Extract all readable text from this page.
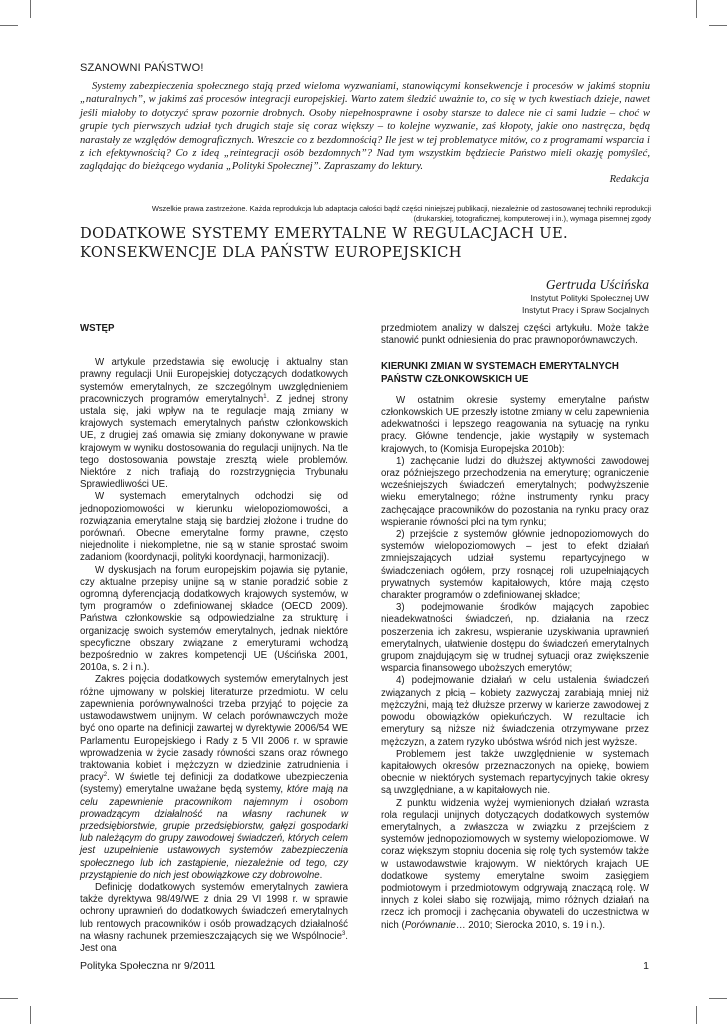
SZANOWNI PAŃSTWO!

Systemy zabezpieczenia społecznego stają przed wieloma wyzwaniami, stanowiącymi konsekwencje i procesów w jakimś stopniu „naturalnych”, w jakimś zaś procesów integracji europejskiej. Warto zatem śledzić uważnie to, co się w tych kwestiach dzieje, nawet jeśli miałoby to dotyczyć spraw pozornie drobnych. Osoby niepełnosprawne i osoby starsze to dalece nie ci sami ludzie – choć w grupie tych pierwszych udział tych drugich staje się coraz większy – to kolejne wyzwanie, zaś kłopoty, jakie ono nastręcza, będą narastały ze względów demograficznych. Wreszcie co z bezdomnością? Ile jest w tej problematyce mitów, co z programami wsparcia i z ich efektywnością? Co z ideą „reintegracji osób bezdomnych”? Nad tym wszystkim będziecie Państwo mieli okazję pomyśleć, zaglądając do bieżącego wydania „Polityki Społecznej”. Zapraszamy do lektury.

Redakcja
Wszelkie prawa zastrzeżone. Każda reprodukcja lub adaptacja całości bądź części niniejszej publikacji, niezależnie od zastosowanej techniki reprodukcji (drukarskiej, totograficznej, komputerowej i in.), wymaga pisemnej zgody
DODATKOWE SYSTEMY EMERYTALNE W REGULACJACH UE.
KONSEKWENCJE DLA PAŃSTW EUROPEJSKICH
Gertruda Uścińska
Instytut Polityki Społecznej UW
Instytut Pracy i Spraw Socjalnych
WSTĘP

W artykule przedstawia się ewolucję i aktualny stan prawny regulacji Unii Europejskiej dotyczących dodatkowych systemów emerytalnych, ze szczególnym uwzględnieniem pracowniczych programów emerytalnych$^1$. Z jednej strony ustala się, jaki wpływ na te regulacje mają zmiany w krajowych systemach emerytalnych państw członkowskich UE, z drugiej zaś omawia się zmiany dokonywane w prawie krajowym w wyniku dostosowania do regulacji unijnych. Na tle tego dostosowania powstaje zresztą wiele problemów. Niektóre z nich trafiają do rozstrzygnięcia Trybunału Sprawiedliwości UE.

W systemach emerytalnych odchodzi się od jednopoziomowości w kierunku wielopoziomowości, a rozwiązania emerytalne stają się bardziej złożone i trudne do porównań. Obecne emerytalne formy prawne, często niejednolite i niekompletne, nie są w stanie sprostać swoim zadaniom (koordynacji, polityki koordynacji, harmonizacji).

W dyskusjach na forum europejskim pojawia się pytanie, czy aktualne przepisy unijne są w stanie poradzić sobie z ogromną dyferencjacją dodatkowych krajowych systemów, w tym programów o zdefiniowanej składce (OECD 2009). Państwa członkowskie są odpowiedzialne za strukturę i organizację swoich systemów emerytalnych, jednak niektóre specyficzne obszary związane z emeryturami wchodzą bezpośrednio w zakres kompetencji UE (Uścińska 2001, 2010a, s. 2 i n.).

Zakres pojęcia dodatkowych systemów emerytalnych jest różne ujmowany w polskiej literaturze przedmiotu. W celu zapewnienia porównywalności trzeba przyjąć to pojęcie za ustawodawstwem unijnym. W celach porównawczych może być ono oparte na definicji zawartej w dyrektywie 2006/54 WE Parlamentu Europejskiego i Rady z 5 VII 2006 r. w sprawie wprowadzenia w życie zasady równości szans oraz równego traktowania kobiet i mężczyzn w dziedzinie zatrudnienia i pracy$^2$. W świetle tej definicji za dodatkowe ubezpieczenia (systemy) emerytalne uważane będą systemy, które mają na celu zapewnienie pracownikom najemnym i osobom prowadzącym działalność na własny rachunek w przedsiębiorstwie, grupie przedsiębiorstw, gałęzi gospodarki lub należącym do grupy zawodowej świadczeń, których celem jest uzupełnienie ustawowych systemów zabezpieczenia społecznego lub ich zastąpienie, niezależnie od tego, czy przystąpienie do nich jest obowiązkowe czy dobrowolne.

Definicję dodatkowych systemów emerytalnych zawiera także dyrektywa 98/49/WE z dnia 29 VI 1998 r. w sprawie ochrony uprawnień do dodatkowych świadczeń emerytalnych lub rentowych pracowników i osób prowadzących działalność na własny rachunek przemieszczających się we Wspólnocie$^3$. Jest ona

przedmiotem analizy w dalszej części artykułu. Może także stanowić punkt odniesienia do prac prawnoporównawczych.

KIERUNKI ZMIAN W SYSTEMACH EMERYTALNYCH
PAŃSTW CZŁONKOWSKICH UE

W ostatnim okresie systemy emerytalne państw członkowskich UE przeszły istotne zmiany w celu zapewnienia adekwatności i lepszego reagowania na sytuację na rynku pracy. Główne tendencje, jakie wystąpiły w systemach krajowych, to (Komisja Europejska 2010b):

1) zachęcanie ludzi do dłuższej aktywności zawodowej oraz późniejszego przechodzenia na emeryturę; ograniczenie wcześniejszych świadczeń emerytalnych; podwyższenie wieku emerytalnego; różne instrumenty rynku pracy zachęcające pracowników do pozostania na rynku pracy oraz wspieranie równości płci na tym rynku;

2) przejście z systemów głównie jednopoziomowych do systemów wielopoziomowych – jest to efekt działań zmniejszających udział systemu repartycyjnego w świadczeniach ogółem, przy rosnącej roli uzupełniających prywatnych systemów kapitałowych, które mają często charakter programów o zdefiniowanej składce;

3) podejmowanie środków mających zapobiec nieadekwatności świadczeń, np. działania na rzecz poszerzenia ich zakresu, wspieranie uzyskiwania uprawnień emerytalnych, ułatwienie dostępu do świadczeń emerytalnych grupom znajdującym się w trudnej sytuacji oraz zwiększenie wsparcia finansowego uboższych emerytów;

4) podejmowanie działań w celu ustalenia świadczeń związanych z płcią – kobiety zazwyczaj zarabiają mniej niż mężczyźni, mają też dłuższe przerwy w karierze zawodowej z powodu obowiązków opiekuńczych. W rezultacie ich emerytury są niższe niż świadczenia otrzymywane przez mężczyzn, a zatem ryzyko ubóstwa wśród nich jest wyższe.

Problemem jest także uwzględnienie w systemach kapitałowych okresów przeznaczonych na opiekę, bowiem obecnie w niektórych systemach repartycyjnych takie okresy są uwzględniane, a w kapitałowych nie.

Z punktu widzenia wyżej wymienionych działań wzrasta rola regulacji unijnych dotyczących dodatkowych systemów emerytalnych, a zwłaszcza w związku z przejściem z systemów jednopoziomowych w systemy wielopoziomowe. W coraz większym stopniu docenia się rolę tych systemów także w ustawodawstwie krajowym. W niektórych krajach UE dodatkowe systemy emerytalne swoim zasięgiem podmiotowym i przedmiotowym odgrywają znaczącą rolę. W innych z kolei słabo się rozwijają, mimo różnych działań na rzecz ich promocji i zachęcania obywateli do uczestnictwa w nich (Porównanie… 2010; Sierocka 2010, s. 19 i n.).

Polityka Społeczna nr 9/2011	1
